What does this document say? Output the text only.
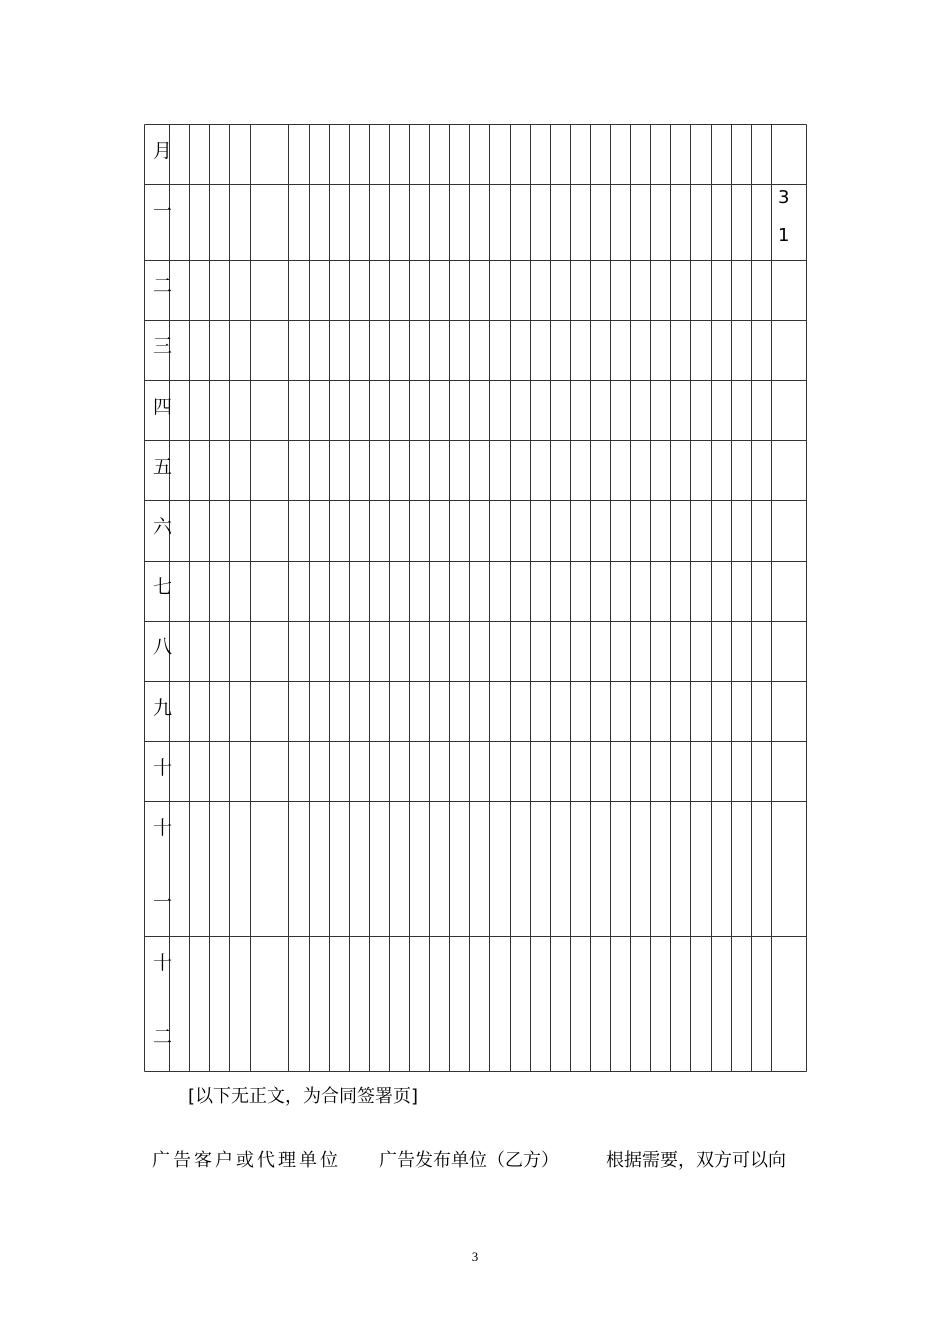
月
一
二
三
四
五
六
七
八
九
十
十
一
十
二
3
1
[以下无正文，为合同签署页]
广告客户或代理单位 广告发布单位（乙方）	根据需要，双方可以向
3
